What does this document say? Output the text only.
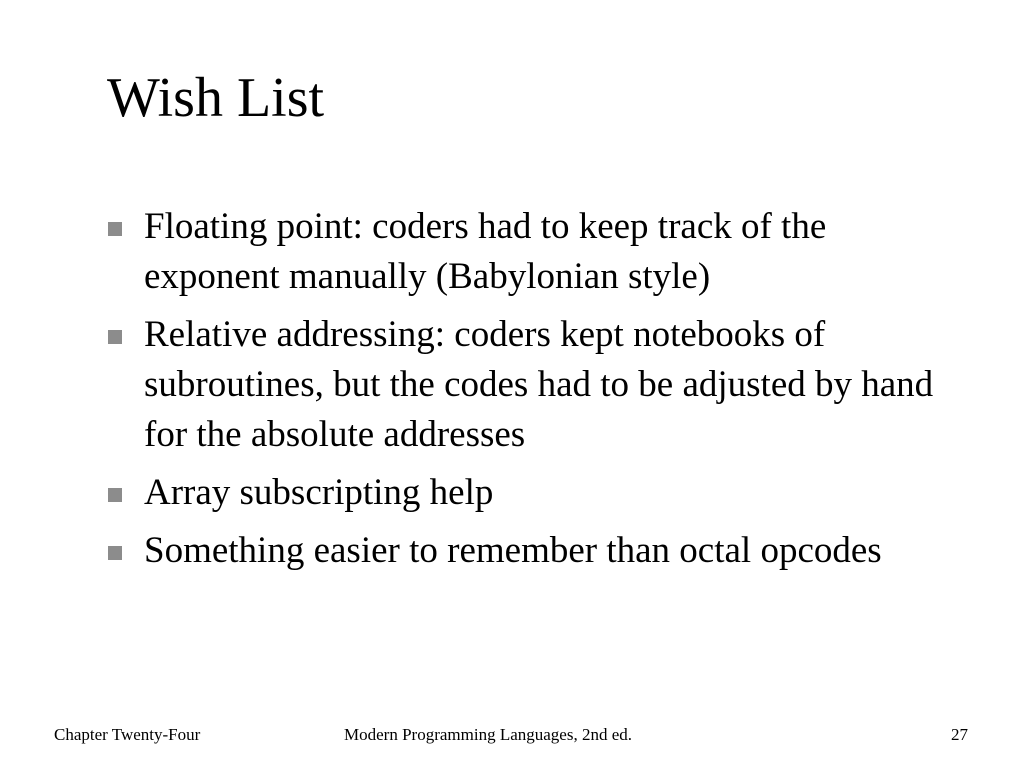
Wish List
Floating point: coders had to keep track of the exponent manually (Babylonian style)
Relative addressing: coders kept notebooks of subroutines, but the codes had to be adjusted by hand for the absolute addresses
Array subscripting help
Something easier to remember than octal opcodes
Chapter Twenty-Four	Modern Programming Languages, 2nd ed.	27
